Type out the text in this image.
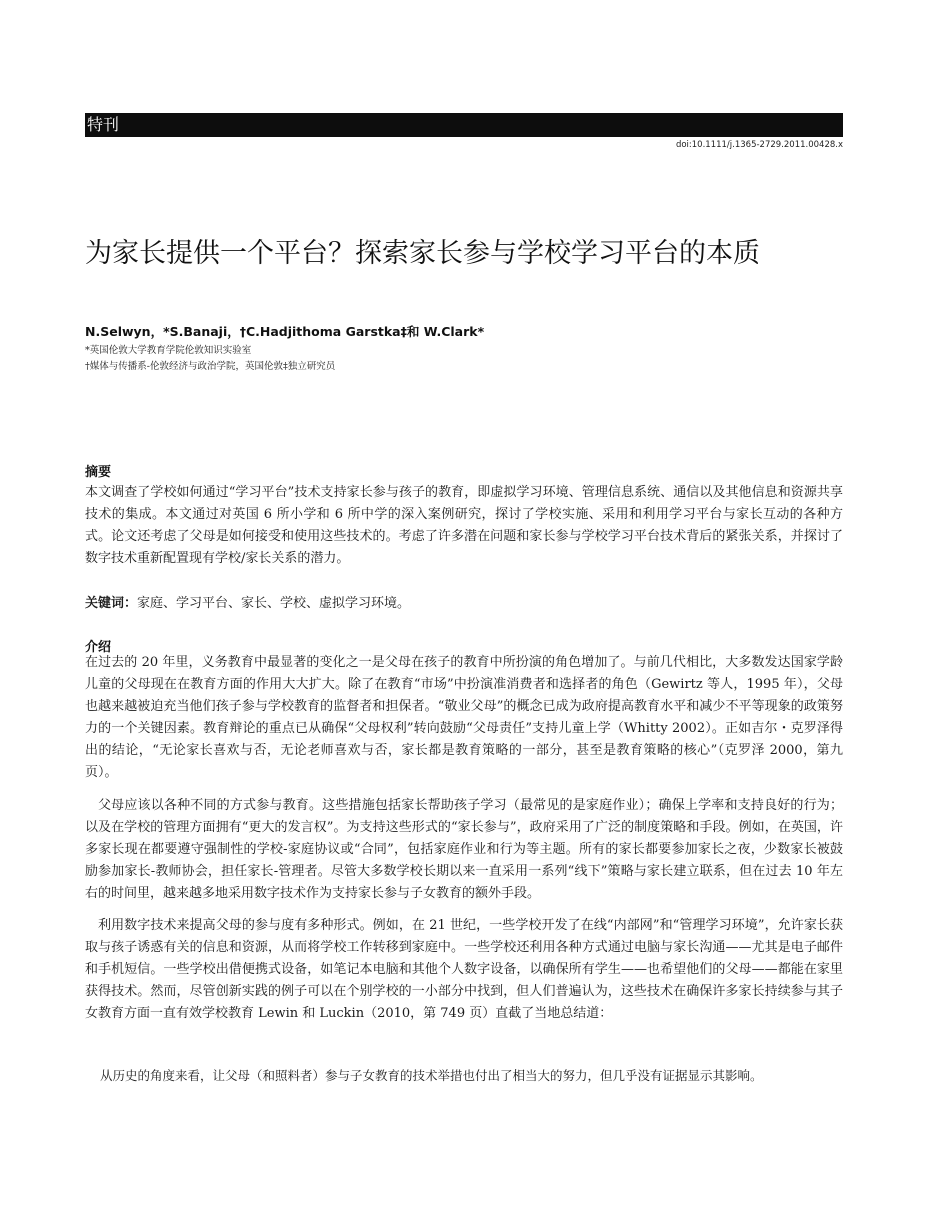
特刊
doi:10.1111/j.1365-2729.2011.00428.x
为家长提供一个平台？探索家长参与学校学习平台的本质
N.Selwyn，*S.Banaji，†C.Hadjithoma Garstka‡和 W.Clark*
*英国伦敦大学教育学院伦敦知识实验室
†媒体与传播系-伦敦经济与政治学院，英国伦敦‡独立研究员
摘要

本文调查了学校如何通过“学习平台”技术支持家长参与孩子的教育，即虚拟学习环境、管理信息系统、通信以及其他信息和资源共享技术的集成。本文通过对英国 6 所小学和 6 所中学的深入案例研究，探讨了学校实施、采用和利用学习平台与家长互动的各种方式。论文还考虑了父母是如何接受和使用这些技术的。考虑了许多潜在问题和家长参与学校学习平台技术背后的紧张关系，并探讨了数字技术重新配置现有学校/家长关系的潜力。

关键词：家庭、学习平台、家长、学校、虚拟学习环境。
介绍

在过去的 20 年里，义务教育中最显著的变化之一是父母在孩子的教育中所扮演的角色增加了。与前几代相比，大多数发达国家学龄儿童的父母现在在教育方面的作用大大扩大。除了在教育“市场”中扮演准消费者和选择者的角色（Gewirtz 等人，1995 年），父母也越来越被迫充当他们孩子参与学校教育的监督者和担保者。“敬业父母”的概念已成为政府提高教育水平和减少不平等现象的政策努力的一个关键因素。教育辩论的重点已从确保“父母权利”转向鼓励“父母责任”支持儿童上学（Whitty 2002）。正如吉尔・克罗泽得出的结论，“无论家长喜欢与否，无论老师喜欢与否，家长都是教育策略的一部分，甚至是教育策略的核心”（克罗泽 2000，第九页）。

父母应该以各种不同的方式参与教育。这些措施包括家长帮助孩子学习（最常见的是家庭作业）；确保上学率和支持良好的行为；以及在学校的管理方面拥有“更大的发言权”。为支持这些形式的“家长参与”，政府采用了广泛的制度策略和手段。例如，在英国，许多家长现在都要遵守强制性的学校-家庭协议或“合同”，包括家庭作业和行为等主题。所有的家长都要参加家长之夜，少数家长被鼓励参加家长-教师协会，担任家长-管理者。尽管大多数学校长期以来一直采用一系列“线下”策略与家长建立联系，但在过去 10 年左右的时间里，越来越多地采用数字技术作为支持家长参与子女教育的额外手段。

利用数字技术来提高父母的参与度有多种形式。例如，在 21 世纪，一些学校开发了在线“内部网”和“管理学习环境”，允许家长获取与孩子诱惑有关的信息和资源，从而将学校工作转移到家庭中。一些学校还利用各种方式通过电脑与家长沟通——尤其是电子邮件和手机短信。一些学校出借便携式设备，如笔记本电脑和其他个人数字设备，以确保所有学生——也希望他们的父母——都能在家里获得技术。然而，尽管创新实践的例子可以在个别学校的一小部分中找到，但人们普遍认为，这些技术在确保许多家长持续参与其子女教育方面一直有效学校教育 Lewin 和 Luckin（2010，第 749 页）直截了当地总结道：

从历史的角度来看，让父母（和照料者）参与子女教育的技术举措也付出了相当大的努力，但几乎没有证据显示其影响。
